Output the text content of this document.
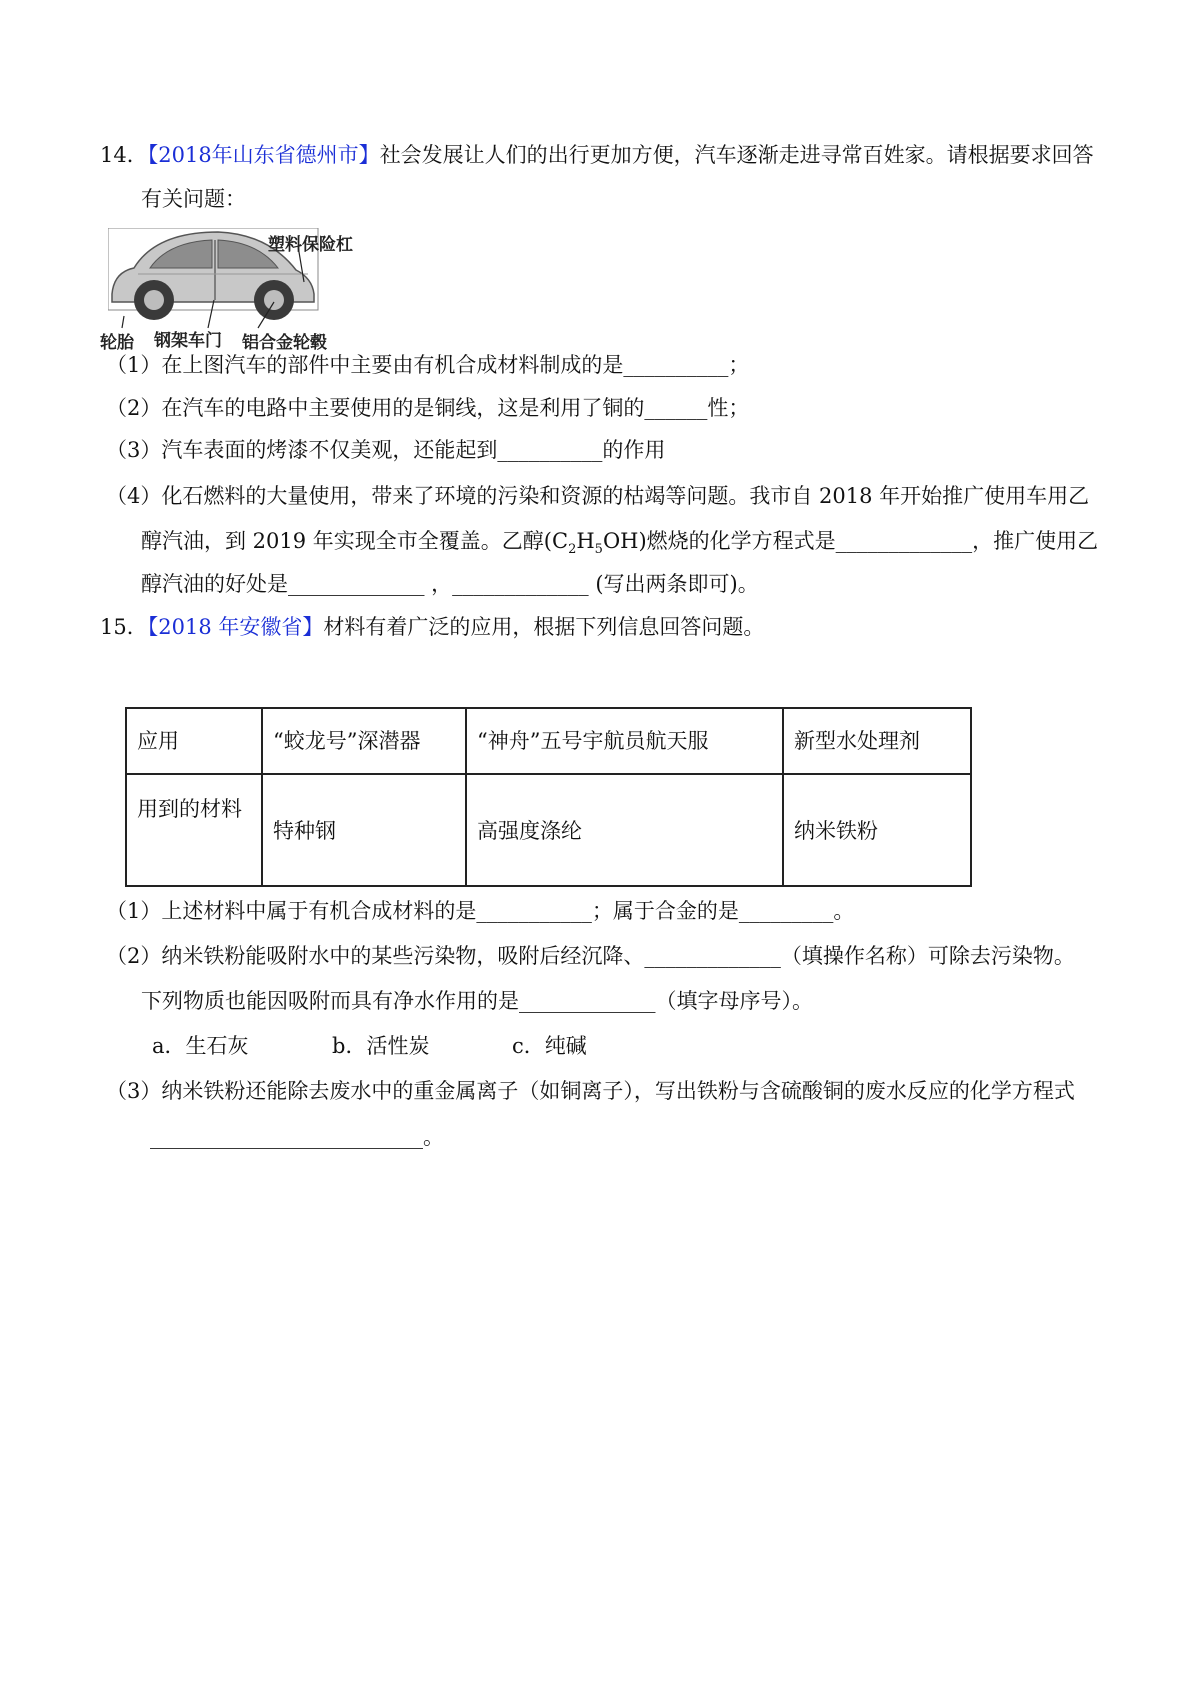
14．【2018年山东省德州市】社会发展让人们的出行更加方便，汽车逐渐走进寻常百姓家。请根据要求回答
有关问题：
塑料保险杠
轮胎 钢架车门 铝合金轮毂
（1）在上图汽车的部件中主要由有机合成材料制成的是__________；
（2）在汽车的电路中主要使用的是铜线，这是利用了铜的______性；
（3）汽车表面的烤漆不仅美观，还能起到__________的作用
（4）化石燃料的大量使用，带来了环境的污染和资源的枯竭等问题。我市自 2018 年开始推广使用车用乙
醇汽油，到 2019 年实现全市全覆盖。乙醇$(C_2H_5OH)$燃烧的化学方程式是_____________，推广使用乙
醇汽油的好处是_____________ ，_____________ (写出两条即可)。
15．【2018 年安徽省】材料有着广泛的应用，根据下列信息回答问题。
应用	“蛟龙号”深潜器	“神舟”五号宇航员航天服	新型水处理剂

用到的材料	特种钢	高强度涤纶	纳米铁粉
（1）上述材料中属于有机合成材料的是___________；属于合金的是_________。
（2）纳米铁粉能吸附水中的某些污染物，吸附后经沉降、_____________（填操作名称）可除去污染物。
下列物质也能因吸附而具有净水作用的是_____________（填字母序号）。
a．生石灰	b．活性炭	c．纯碱
（3）纳米铁粉还能除去废水中的重金属离子（如铜离子），写出铁粉与含硫酸铜的废水反应的化学方程式
__________________________。
